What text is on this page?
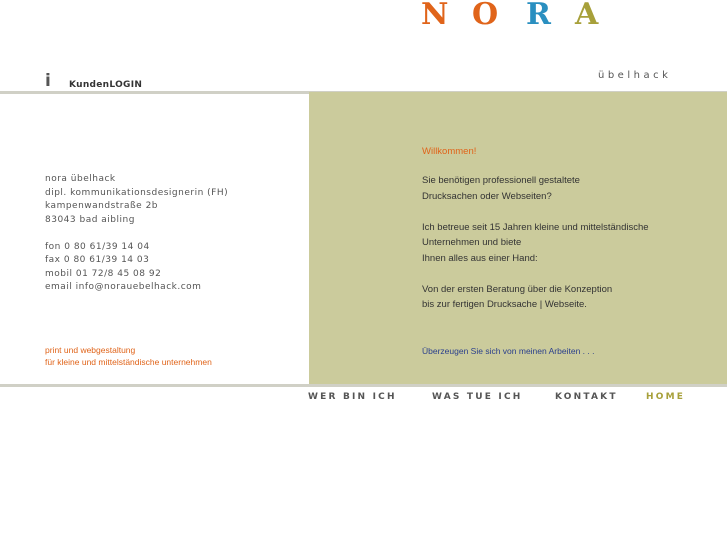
i KundenLOGIN
N O R A
übelhack
nora übelhack
dipl. kommunikationsdesignerin (FH)
kampenwandstraße 2b
83043 bad aibling
fon 0 80 61/39 14 04
fax 0 80 61/39 14 03
mobil 01 72/8 45 08 92
email info@norauebelhack.com
print und webgestaltung
für kleine und mittelständische unternehmen
Willkommen!

Sie benötigen professionell gestaltete
Drucksachen oder Webseiten?

Ich betreue seit 15 Jahren kleine und mittelständische
Unternehmen und biete
Ihnen alles aus einer Hand:

Von der ersten Beratung über die Konzeption
bis zur fertigen Drucksache | Webseite.

Überzeugen Sie sich von meinen Arbeiten . . .
WER BIN ICH	WAS TUE ICH	KONTAKT	HOME
